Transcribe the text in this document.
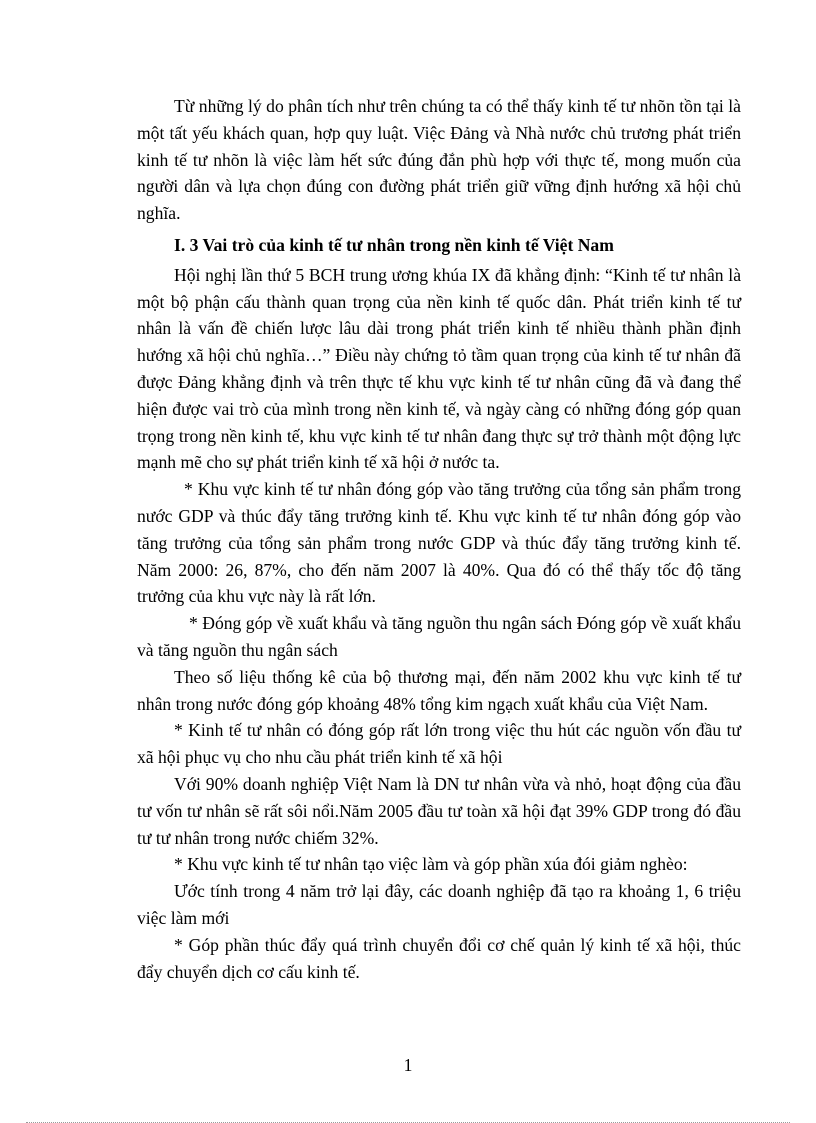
Từ những lý do phân tích như trên chúng ta có thể thấy kinh tế tư nhõn tồn tại là một tất yếu khách quan, hợp quy luật. Việc Đảng và Nhà nước chủ trương phát triển kinh tế tư nhõn là việc làm hết sức đúng đắn phù hợp với thực tế, mong muốn của người dân và lựa chọn đúng con đường phát triển giữ vững định hướng xã hội chủ nghĩa.

I. 3 Vai trò của kinh tế tư nhân trong nền kinh tế Việt Nam

Hội nghị lần thứ 5 BCH trung ương khúa IX đã khẳng định: “Kinh tế tư nhân là một bộ phận cấu thành quan trọng của nền kinh tế quốc dân. Phát triển kinh tế tư nhân là vấn đề chiến lược lâu dài trong phát triển kinh tế nhiều thành phần định hướng xã hội chủ nghĩa…” Điều này chứng tỏ tầm quan trọng của kinh tế tư nhân đã được Đảng khẳng định và trên thực tế khu vực kinh tế tư nhân cũng đã và đang thể hiện được vai trò của mình trong nền kinh tế, và ngày càng có những đóng góp quan trọng trong nền kinh tế, khu vực kinh tế tư nhân đang thực sự trở thành một động lực mạnh mẽ cho sự phát triển kinh tế xã hội ở nước ta.

* Khu vực kinh tế tư nhân đóng góp vào tăng trưởng của tổng sản phẩm trong nước GDP và thúc đẩy tăng trưởng kinh tế. Khu vực kinh tế tư nhân đóng góp vào tăng trưởng của tổng sản phẩm trong nước GDP và thúc đẩy tăng trưởng kinh tế. Năm 2000: 26, 87%, cho đến năm 2007 là 40%. Qua đó có thể thấy tốc độ tăng trưởng của khu vực này là rất lớn.

* Đóng góp về xuất khẩu và tăng nguồn thu ngân sách Đóng góp về xuất khẩu và tăng nguồn thu ngân sách

Theo số liệu thống kê của bộ thương mại, đến năm 2002 khu vực kinh tế tư nhân trong nước đóng góp khoảng 48% tổng kim ngạch xuất khẩu của Việt Nam.

* Kinh tế tư nhân có đóng góp rất lớn trong việc thu hút các nguồn vốn đầu tư xã hội phục vụ cho nhu cầu phát triển kinh tế xã hội

Với 90% doanh nghiệp Việt Nam là DN tư nhân vừa và nhỏ, hoạt động của đầu tư vốn tư nhân sẽ rất sôi nổi.Năm 2005 đầu tư toàn xã hội đạt 39% GDP trong đó đầu tư tư nhân trong nước chiếm 32%.

* Khu vực kinh tế tư nhân tạo việc làm và góp phần xúa đói giảm nghèo:

Ước tính trong 4 năm trở lại đây, các doanh nghiệp đã tạo ra khoảng 1, 6 triệu việc làm mới

* Góp phần thúc đẩy quá trình chuyển đổi cơ chế quản lý kinh tế xã hội, thúc đẩy chuyển dịch cơ cấu kinh tế.

1
